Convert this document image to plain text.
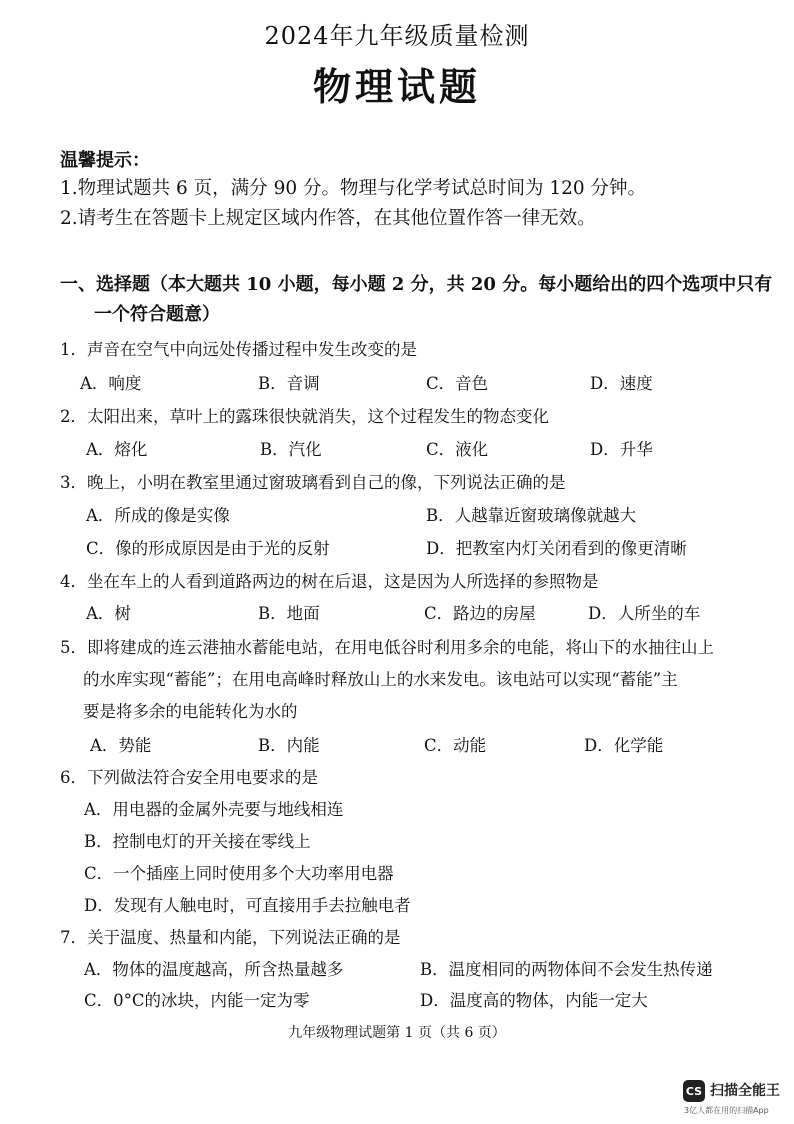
2024年九年级质量检测
物理试题
温馨提示：
1.物理试题共 6 页，满分 90 分。物理与化学考试总时间为 120 分钟。
2.请考生在答题卡上规定区域内作答，在其他位置作答一律无效。
一、选择题（本大题共 10 小题，每小题 2 分，共 20 分。每小题给出的四个选项中只有
一个符合题意）
1．声音在空气中向远处传播过程中发生改变的是
A．响度	B．音调	C．音色	D．速度
2．太阳出来，草叶上的露珠很快就消失，这个过程发生的物态变化
A．熔化	B．汽化	C．液化	D．升华
3．晚上，小明在教室里通过窗玻璃看到自己的像，下列说法正确的是
A．所成的像是实像	B．人越靠近窗玻璃像就越大
C．像的形成原因是由于光的反射	D．把教室内灯关闭看到的像更清晰
4．坐在车上的人看到道路两边的树在后退，这是因为人所选择的参照物是
A．树	B．地面	C．路边的房屋	D．人所坐的车
5．即将建成的连云港抽水蓄能电站，在用电低谷时利用多余的电能，将山下的水抽往山上
的水库实现“蓄能”；在用电高峰时释放山上的水来发电。该电站可以实现“蓄能”主
要是将多余的电能转化为水的
A．势能	B．内能	C．动能	D．化学能
6．下列做法符合安全用电要求的是
A．用电器的金属外壳要与地线相连
B．控制电灯的开关接在零线上
C．一个插座上同时使用多个大功率用电器
D．发现有人触电时，可直接用手去拉触电者
7．关于温度、热量和内能，下列说法正确的是
A．物体的温度越高，所含热量越多	B．温度相同的两物体间不会发生热传递
C．0°C的冰块，内能一定为零	D．温度高的物体，内能一定大
九年级物理试题第 1 页（共 6 页）
CS 扫描全能王
3亿人都在用的扫描App
